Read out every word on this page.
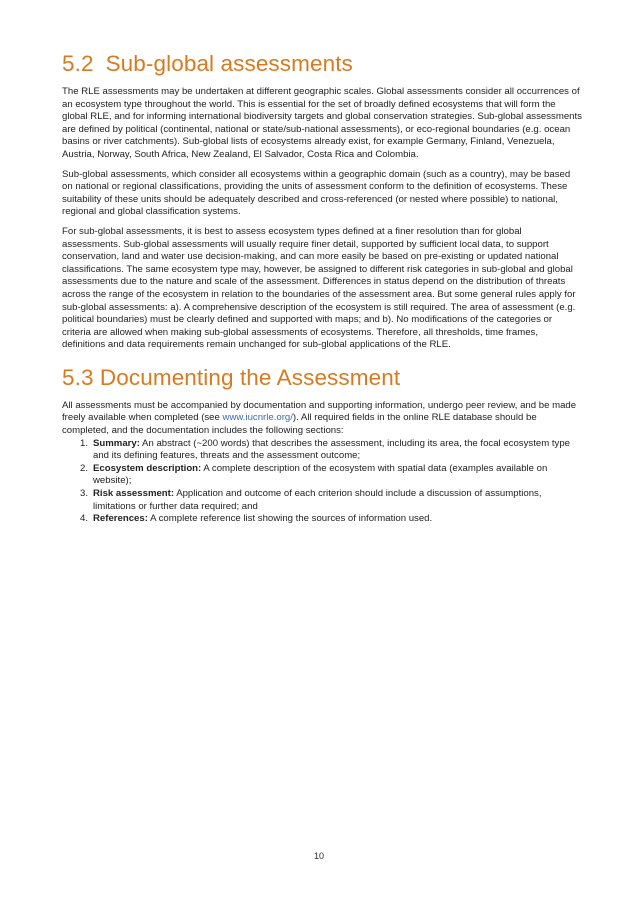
5.2 Sub-global assessments

The RLE assessments may be undertaken at different geographic scales. Global assessments consider all occurrences of an ecosystem type throughout the world. This is essential for the set of broadly defined ecosystems that will form the global RLE, and for informing international biodiversity targets and global conservation strategies. Sub-global assessments are defined by political (continental, national or state/sub-national assessments), or eco-regional boundaries (e.g. ocean basins or river catchments). Sub-global lists of ecosystems already exist, for example Germany, Finland, Venezuela, Austria, Norway, South Africa, New Zealand, El Salvador, Costa Rica and Colombia.

Sub-global assessments, which consider all ecosystems within a geographic domain (such as a country), may be based on national or regional classifications, providing the units of assessment conform to the definition of ecosystems. These suitability of these units should be adequately described and cross-referenced (or nested where possible) to national, regional and global classification systems.

For sub-global assessments, it is best to assess ecosystem types defined at a finer resolution than for global assessments. Sub-global assessments will usually require finer detail, supported by sufficient local data, to support conservation, land and water use decision-making, and can more easily be based on pre-existing or updated national classifications. The same ecosystem type may, however, be assigned to different risk categories in sub-global and global assessments due to the nature and scale of the assessment. Differences in status depend on the distribution of threats across the range of the ecosystem in relation to the boundaries of the assessment area. But some general rules apply for sub-global assessments: a). A comprehensive description of the ecosystem is still required. The area of assessment (e.g. political boundaries) must be clearly defined and supported with maps; and b). No modifications of the categories or criteria are allowed when making sub-global assessments of ecosystems. Therefore, all thresholds, time frames, definitions and data requirements remain unchanged for sub-global applications of the RLE.

5.3 Documenting the Assessment

All assessments must be accompanied by documentation and supporting information, undergo peer review, and be made freely available when completed (see www.iucnrle.org/). All required fields in the online RLE database should be completed, and the documentation includes the following sections:

1. Summary: An abstract (~200 words) that describes the assessment, including its area, the focal ecosystem type and its defining features, threats and the assessment outcome;
2. Ecosystem description: A complete description of the ecosystem with spatial data (examples available on website);
3. Risk assessment: Application and outcome of each criterion should include a discussion of assumptions, limitations or further data required; and
4. References: A complete reference list showing the sources of information used.
10
